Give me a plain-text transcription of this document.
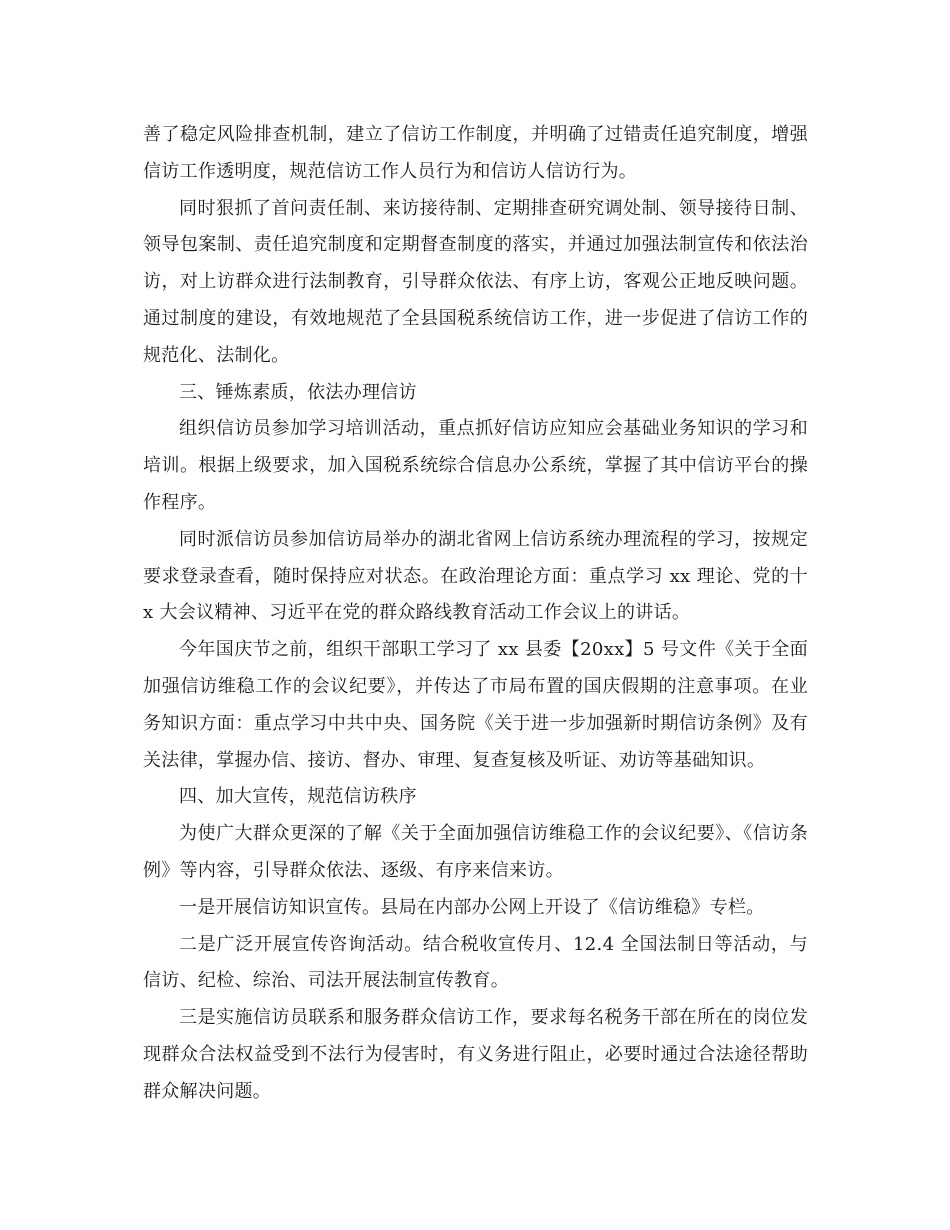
善了稳定风险排查机制，建立了信访工作制度，并明确了过错责任追究制度，增强信访工作透明度，规范信访工作人员行为和信访人信访行为。

同时狠抓了首问责任制、来访接待制、定期排查研究调处制、领导接待日制、领导包案制、责任追究制度和定期督查制度的落实，并通过加强法制宣传和依法治访，对上访群众进行法制教育，引导群众依法、有序上访，客观公正地反映问题。通过制度的建设，有效地规范了全县国税系统信访工作，进一步促进了信访工作的规范化、法制化。

三、锤炼素质，依法办理信访

组织信访员参加学习培训活动，重点抓好信访应知应会基础业务知识的学习和培训。根据上级要求，加入国税系统综合信息办公系统，掌握了其中信访平台的操作程序。

同时派信访员参加信访局举办的湖北省网上信访系统办理流程的学习，按规定要求登录查看，随时保持应对状态。在政治理论方面：重点学习 xx 理论、党的十 x 大会议精神、习近平在党的群众路线教育活动工作会议上的讲话。

今年国庆节之前，组织干部职工学习了 xx 县委【20xx】5 号文件《关于全面加强信访维稳工作的会议纪要》，并传达了市局布置的国庆假期的注意事项。在业务知识方面：重点学习中共中央、国务院《关于进一步加强新时期信访条例》及有关法律，掌握办信、接访、督办、审理、复查复核及听证、劝访等基础知识。

四、加大宣传，规范信访秩序

为使广大群众更深的了解《关于全面加强信访维稳工作的会议纪要》、《信访条例》等内容，引导群众依法、逐级、有序来信来访。

一是开展信访知识宣传。县局在内部办公网上开设了《信访维稳》专栏。

二是广泛开展宣传咨询活动。结合税收宣传月、12.4 全国法制日等活动，与信访、纪检、综治、司法开展法制宣传教育。

三是实施信访员联系和服务群众信访工作，要求每名税务干部在所在的岗位发现群众合法权益受到不法行为侵害时，有义务进行阻止，必要时通过合法途径帮助群众解决问题。
